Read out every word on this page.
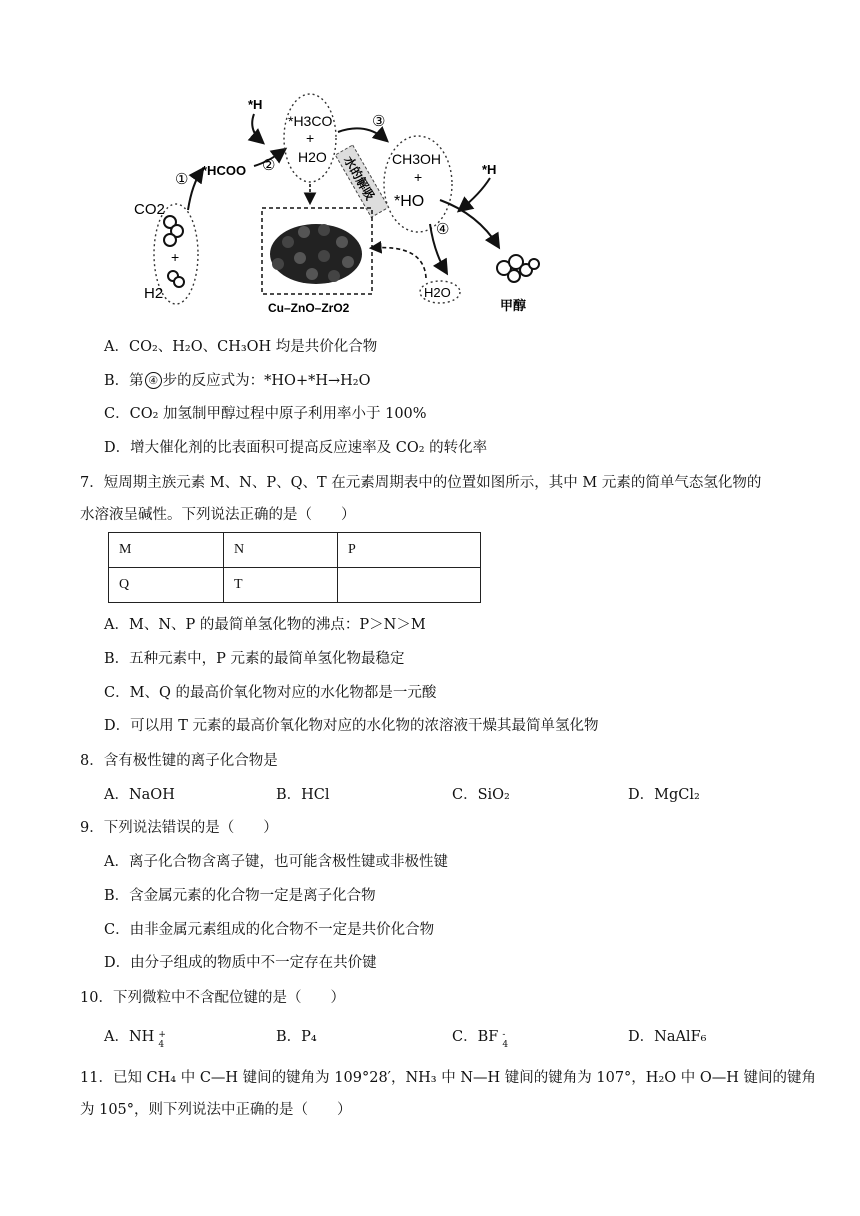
CO2
+
H2
①
*HCOO
*H
②
*H3CO
+
H2O
③
CH3OH
+
*HO
水的解吸
Cu–ZnO–ZrO2
*H
④
H2O
甲醇
A．CO₂、H₂O、CH₃OH 均是共价化合物
B．第 ④ 步的反应式为：*HO+*H→H₂O
C．CO₂ 加氢制甲醇过程中原子利用率小于 100%
D．增大催化剂的比表面积可提高反应速率及 CO₂ 的转化率
7．短周期主族元素 M、N、P、Q、T 在元素周期表中的位置如图所示，其中 M 元素的简单气态氢化物的
水溶液呈碱性。下列说法正确的是（　　）
M	N	P
Q	T	
A．M、N、P 的最简单氢化物的沸点：P＞N＞M
B．五种元素中，P 元素的最简单氢化物最稳定
C．M、Q 的最高价氧化物对应的水化物都是一元酸
D．可以用 T 元素的最高价氧化物对应的水化物的浓溶液干燥其最简单氢化物
8．含有极性键的离子化合物是
A．NaOH	B．HCl	C．SiO₂	D．MgCl₂
9．下列说法错误的是（　　）
A．离子化合物含离子键，也可能含极性键或非极性键
B．含金属元素的化合物一定是离子化合物
C．由非金属元素组成的化合物不一定是共价化合物
D．由分子组成的物质中不一定存在共价键
10．下列微粒中不含配位键的是（　　）
A．NH +
4	B．P₄	C．BF -
4	D．NaAlF₆
11．已知 CH₄ 中 C—H 键间的键角为 109°28′，NH₃ 中 N—H 键间的键角为 107°，H₂O 中 O—H 键间的键角
为 105°，则下列说法中正确的是（　　）
